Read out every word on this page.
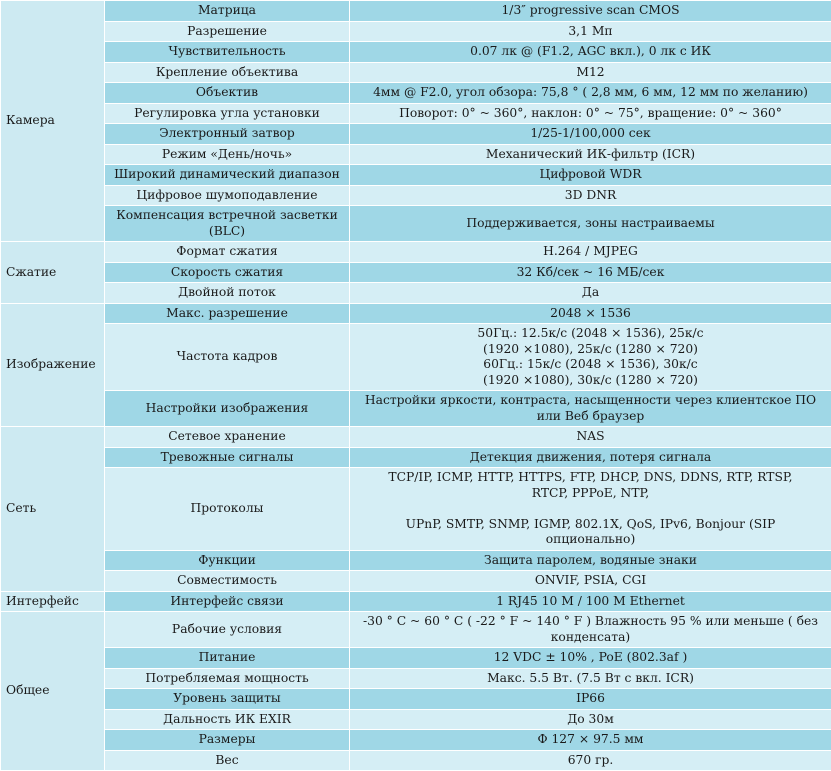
Камера	Матрица	1/3″ progressive scan CMOS

	Разрешение	3,1 Мп

	Чувствительность	0.07 лк @ (F1.2, AGC вкл.), 0 лк с ИК

	Крепление объектива	M12

	Объектив	4мм @ F2.0, угол обзора: 75,8 ° ( 2,8 мм, 6 мм, 12 мм по желанию)

	Регулировка угла установки	Поворот: 0° ~ 360°, наклон: 0° ~ 75°, вращение: 0° ~ 360°

	Электронный затвор	1/25-1/100,000 сек

	Режим «День/ночь»	Механический ИК-фильтр (ICR)

	Широкий динамический диапазон	Цифровой WDR

	Цифровое шумоподавление	3D DNR

	Компенсация встречной засветки (BLC)	Поддерживается, зоны настраиваемы

Сжатие	Формат сжатия	H.264 / MJPEG

	Скорость сжатия	32 Кб/сек ~ 16 МБ/сек

	Двойной поток	Да

Изображение	Макс. разрешение	2048 × 1536

	Частота кадров	50Гц.: 12.5к/с (2048 × 1536), 25к/с
(1920 ×1080), 25к/с (1280 × 720)
60Гц.: 15к/с (2048 × 1536), 30к/с
(1920 ×1080), 30к/с (1280 × 720)

	Настройки изображения	Настройки яркости, контраста, насыщенности через клиентское ПО
или Веб браузер

Сеть	Сетевое хранение	NAS

	Тревожные сигналы	Детекция движения, потеря сигнала

	Протоколы	TCP/IP, ICMP, HTTP, HTTPS, FTP, DHCP, DNS, DDNS, RTP, RTSP,
RTCP, PPPoE, NTP,
UPnP, SMTP, SNMP, IGMP, 802.1X, QoS, IPv6, Bonjour (SIP
опционально)

	Функции	Защита паролем, водяные знаки

	Совместимость	ONVIF, PSIA, CGI

Интерфейс	Интерфейс связи	1 RJ45 10 M / 100 M Ethernet

Общее	Рабочие условия	-30 ° C ~ 60 ° C ( -22 ° F ~ 140 ° F ) Влажность 95 % или меньше ( без
конденсата)

	Питание	12 VDC ± 10% , PoE (802.3af )

	Потребляемая мощность	Макс. 5.5 Вт. (7.5 Вт с вкл. ICR)

	Уровень защиты	IP66

	Дальность ИК EXIR	До 30м

	Размеры	Φ 127 × 97.5 мм

	Вес	670 гр.
